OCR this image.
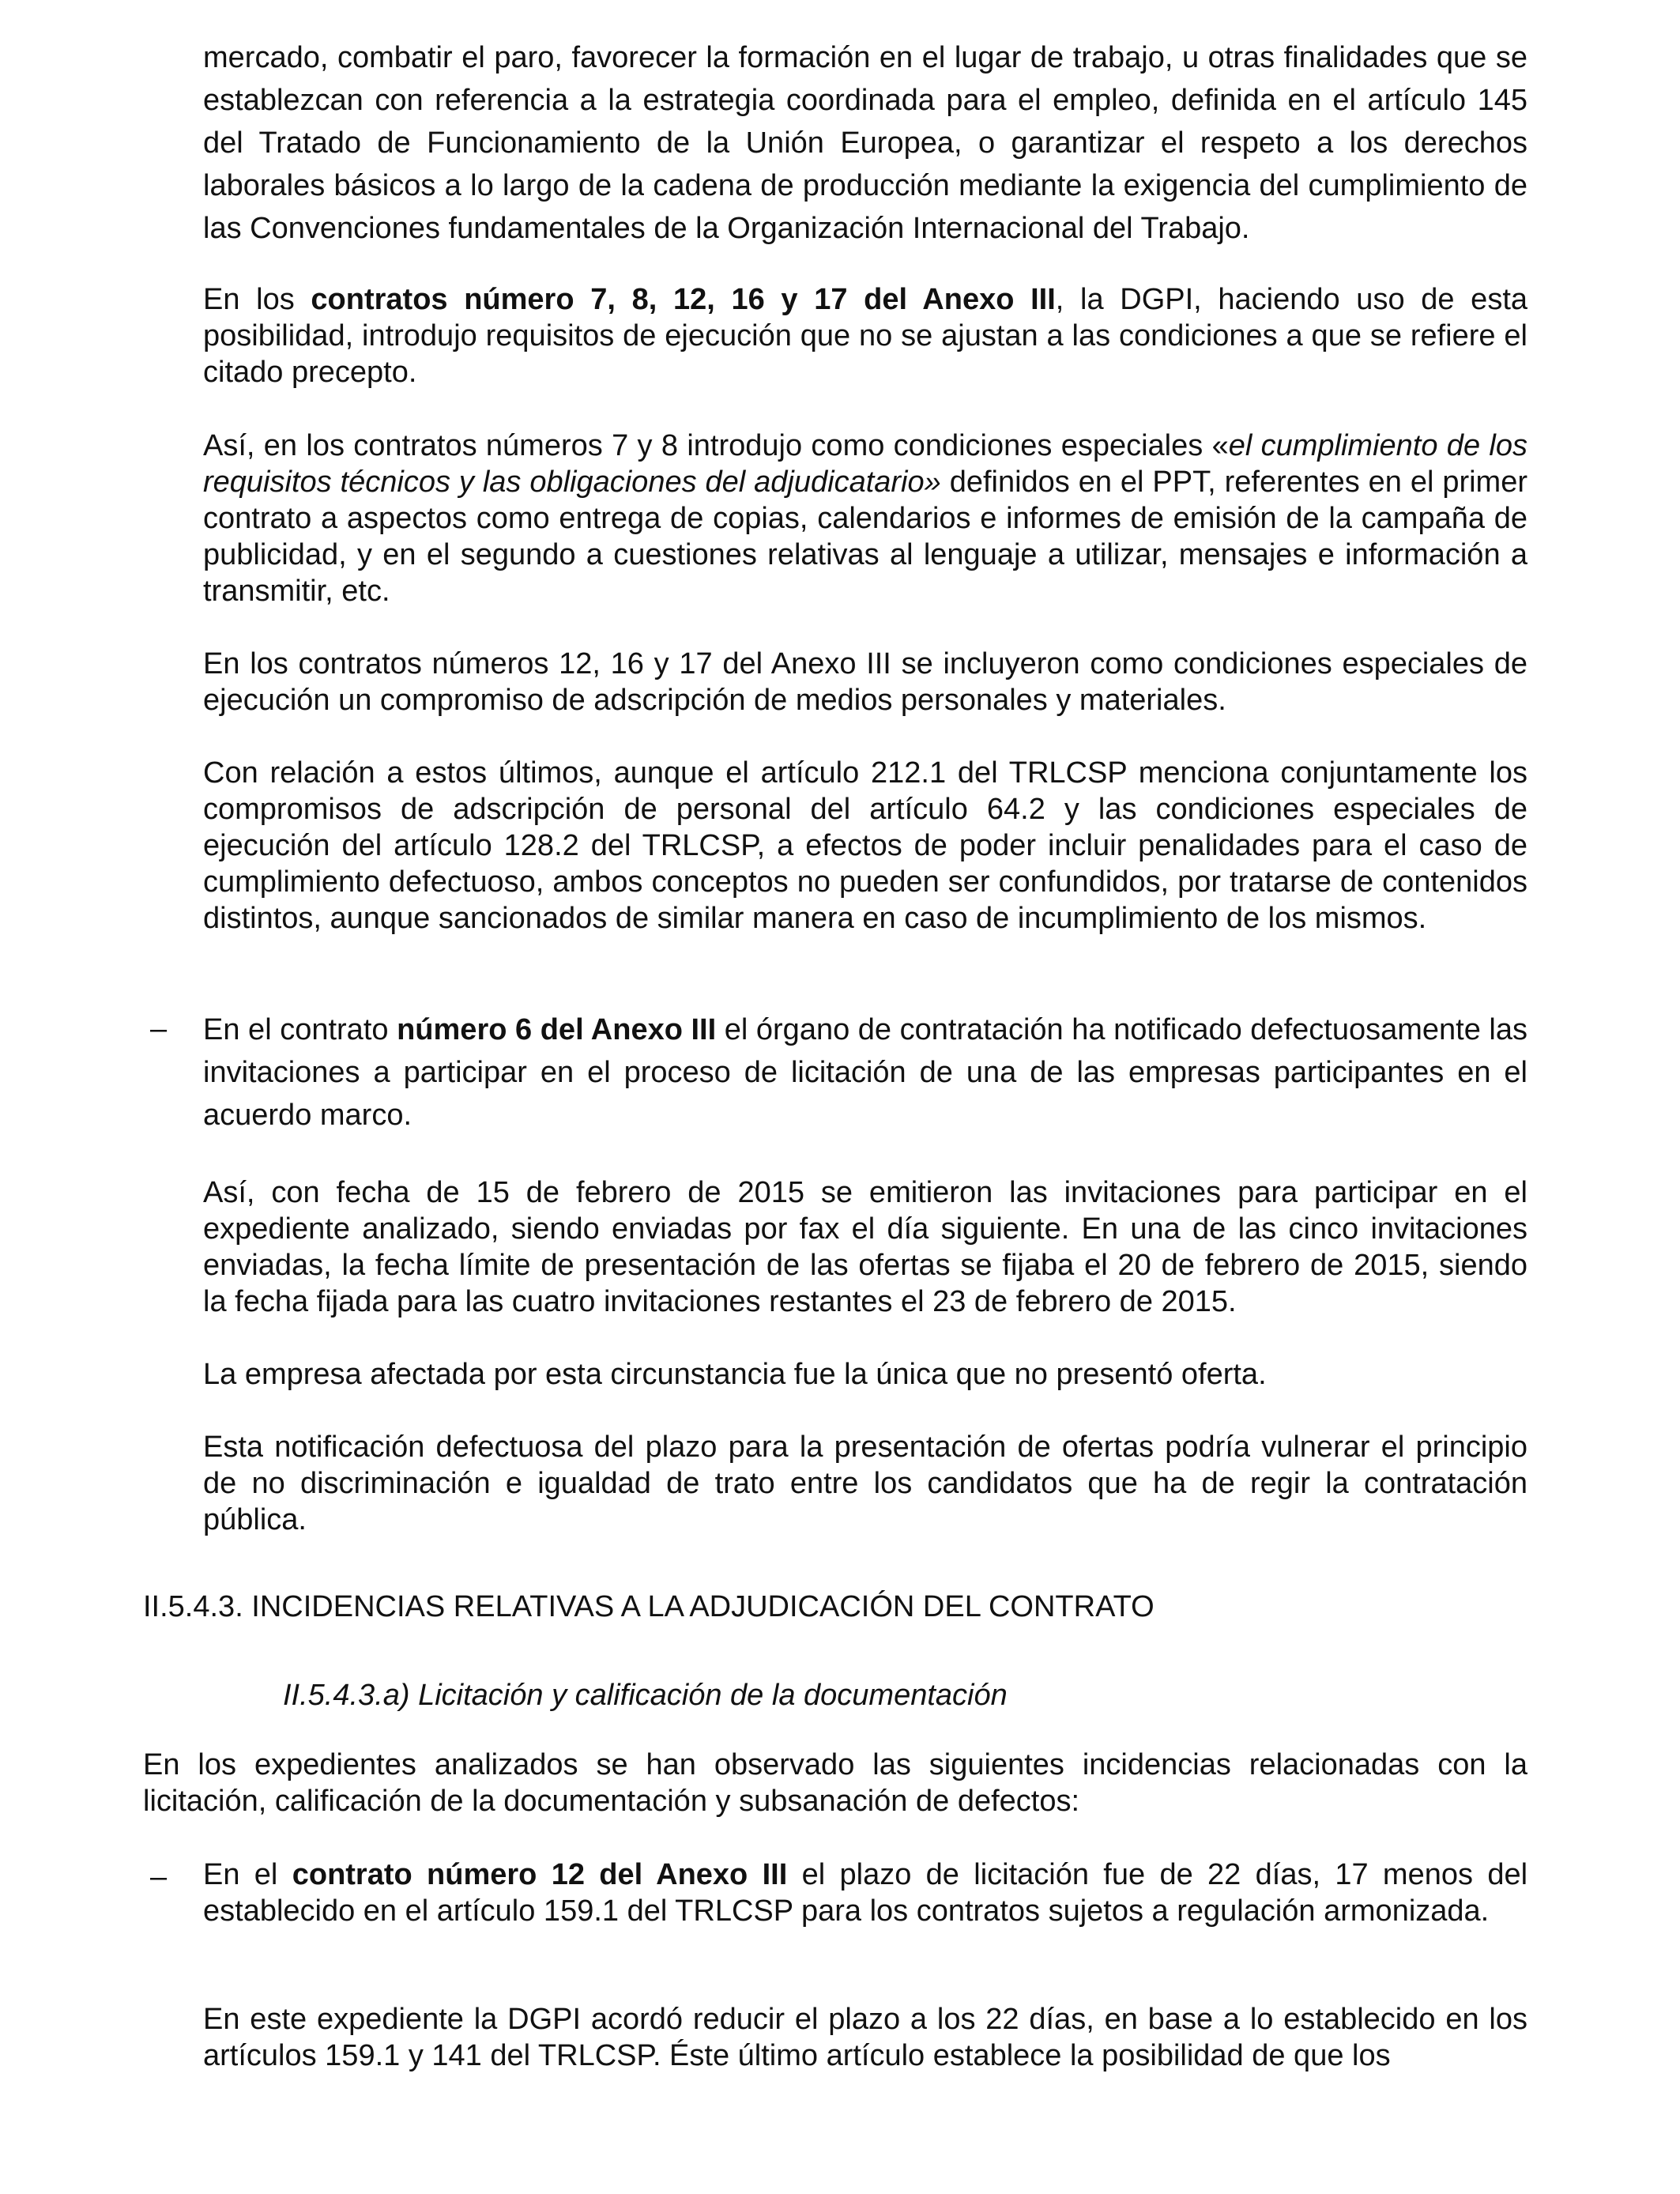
mercado, combatir el paro, favorecer la formación en el lugar de trabajo, u otras finalidades que se establezcan con referencia a la estrategia coordinada para el empleo, definida en el artículo 145 del Tratado de Funcionamiento de la Unión Europea, o garantizar el respeto a los derechos laborales básicos a lo largo de la cadena de producción mediante la exigencia del cumplimiento de las Convenciones fundamentales de la Organización Internacional del Trabajo.

En los contratos número 7, 8, 12, 16 y 17 del Anexo III, la DGPI, haciendo uso de esta posibilidad, introdujo requisitos de ejecución que no se ajustan a las condiciones a que se refiere el citado precepto.

Así, en los contratos números 7 y 8 introdujo como condiciones especiales «el cumplimiento de los requisitos técnicos y las obligaciones del adjudicatario» definidos en el PPT, referentes en el primer contrato a aspectos como entrega de copias, calendarios e informes de emisión de la campaña de publicidad, y en el segundo a cuestiones relativas al lenguaje a utilizar, mensajes e información a transmitir, etc.

En los contratos números 12, 16 y 17 del Anexo III se incluyeron como condiciones especiales de ejecución un compromiso de adscripción de medios personales y materiales.

Con relación a estos últimos, aunque el artículo 212.1 del TRLCSP menciona conjuntamente los compromisos de adscripción de personal del artículo 64.2 y las condiciones especiales de ejecución del artículo 128.2 del TRLCSP, a efectos de poder incluir penalidades para el caso de cumplimiento defectuoso, ambos conceptos no pueden ser confundidos, por tratarse de contenidos distintos, aunque sancionados de similar manera en caso de incumplimiento de los mismos.

– En el contrato número 6 del Anexo III el órgano de contratación ha notificado defectuosamente las invitaciones a participar en el proceso de licitación de una de las empresas participantes en el acuerdo marco.

Así, con fecha de 15 de febrero de 2015 se emitieron las invitaciones para participar en el expediente analizado, siendo enviadas por fax el día siguiente. En una de las cinco invitaciones enviadas, la fecha límite de presentación de las ofertas se fijaba el 20 de febrero de 2015, siendo la fecha fijada para las cuatro invitaciones restantes el 23 de febrero de 2015.

La empresa afectada por esta circunstancia fue la única que no presentó oferta.

Esta notificación defectuosa del plazo para la presentación de ofertas podría vulnerar el principio de no discriminación e igualdad de trato entre los candidatos que ha de regir la contratación pública.

II.5.4.3. INCIDENCIAS RELATIVAS A LA ADJUDICACIÓN DEL CONTRATO

II.5.4.3.a) Licitación y calificación de la documentación

En los expedientes analizados se han observado las siguientes incidencias relacionadas con la licitación, calificación de la documentación y subsanación de defectos:

– En el contrato número 12 del Anexo III el plazo de licitación fue de 22 días, 17 menos del establecido en el artículo 159.1 del TRLCSP para los contratos sujetos a regulación armonizada.

En este expediente la DGPI acordó reducir el plazo a los 22 días, en base a lo establecido en los artículos 159.1 y 141 del TRLCSP. Éste último artículo establece la posibilidad de que los
